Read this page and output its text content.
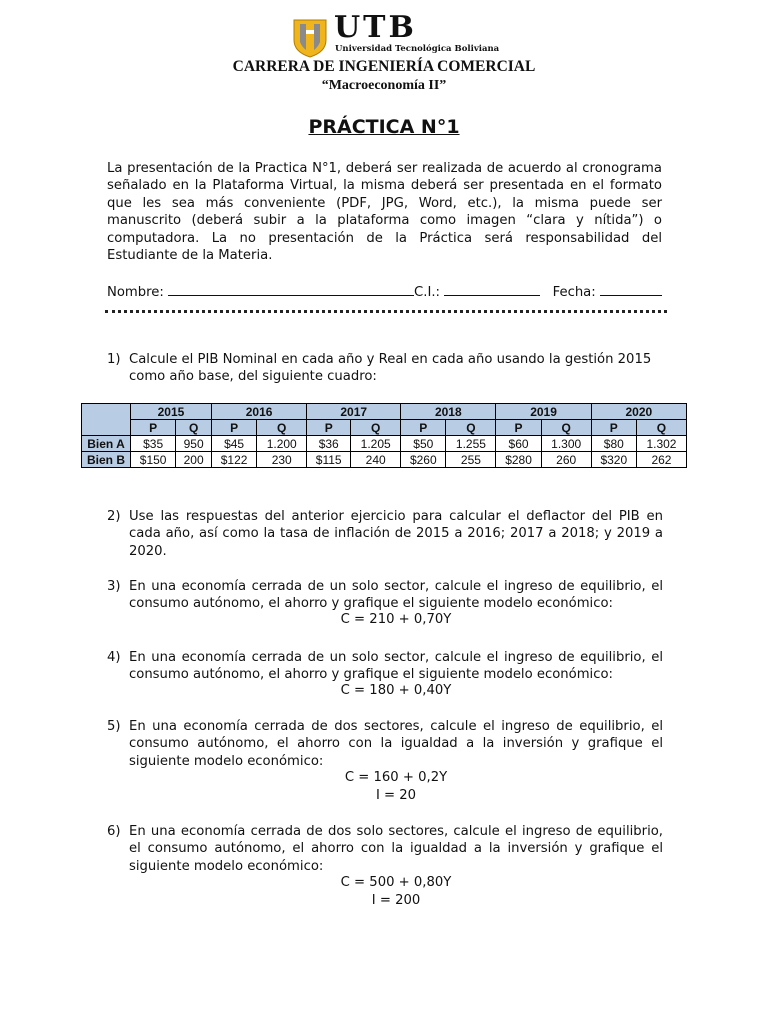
UTB
Universidad Tecnológica Boliviana
CARRERA DE INGENIERÍA COMERCIAL
“Macroeconomía II”
PRÁCTICA N°1
La presentación de la Practica N°1, deberá ser realizada de acuerdo al cronograma señalado en la Plataforma Virtual, la misma deberá ser presentada en el formato que les sea más conveniente (PDF, JPG, Word, etc.), la misma puede ser manuscrito (deberá subir a la plataforma como imagen “clara y nítida”) o computadora. La no presentación de la Práctica será responsabilidad del Estudiante de la Materia.
Nombre:	C.I.:	Fecha:
1) Calcule el PIB Nominal en cada año y Real en cada año usando la gestión 2015 como año base, del siguiente cuadro:
	2015		2016		2017		2018		2019		2020	
	P	Q	P	Q	P	Q	P	Q	P	Q	P	Q
Bien A	$35	950	$45	1.200	$36	1.205	$50	1.255	$60	1.300	$80	1.302
Bien B	$150	200	$122	230	$115	240	$260	255	$280	260	$320	262
2) Use las respuestas del anterior ejercicio para calcular el deflactor del PIB en cada año, así como la tasa de inflación de 2015 a 2016; 2017 a 2018; y 2019 a 2020.
3) En una economía cerrada de un solo sector, calcule el ingreso de equilibrio, el consumo autónomo, el ahorro y grafique el siguiente modelo económico:
C = 210 + 0,70Y
4) En una economía cerrada de un solo sector, calcule el ingreso de equilibrio, el consumo autónomo, el ahorro y grafique el siguiente modelo económico:
C = 180 + 0,40Y
5) En una economía cerrada de dos sectores, calcule el ingreso de equilibrio, el consumo autónomo, el ahorro con la igualdad a la inversión y grafique el siguiente modelo económico:
C = 160 + 0,2Y
I = 20
6) En una economía cerrada de dos solo sectores, calcule el ingreso de equilibrio, el consumo autónomo, el ahorro con la igualdad a la inversión y grafique el siguiente modelo económico:
C = 500 + 0,80Y
I = 200
